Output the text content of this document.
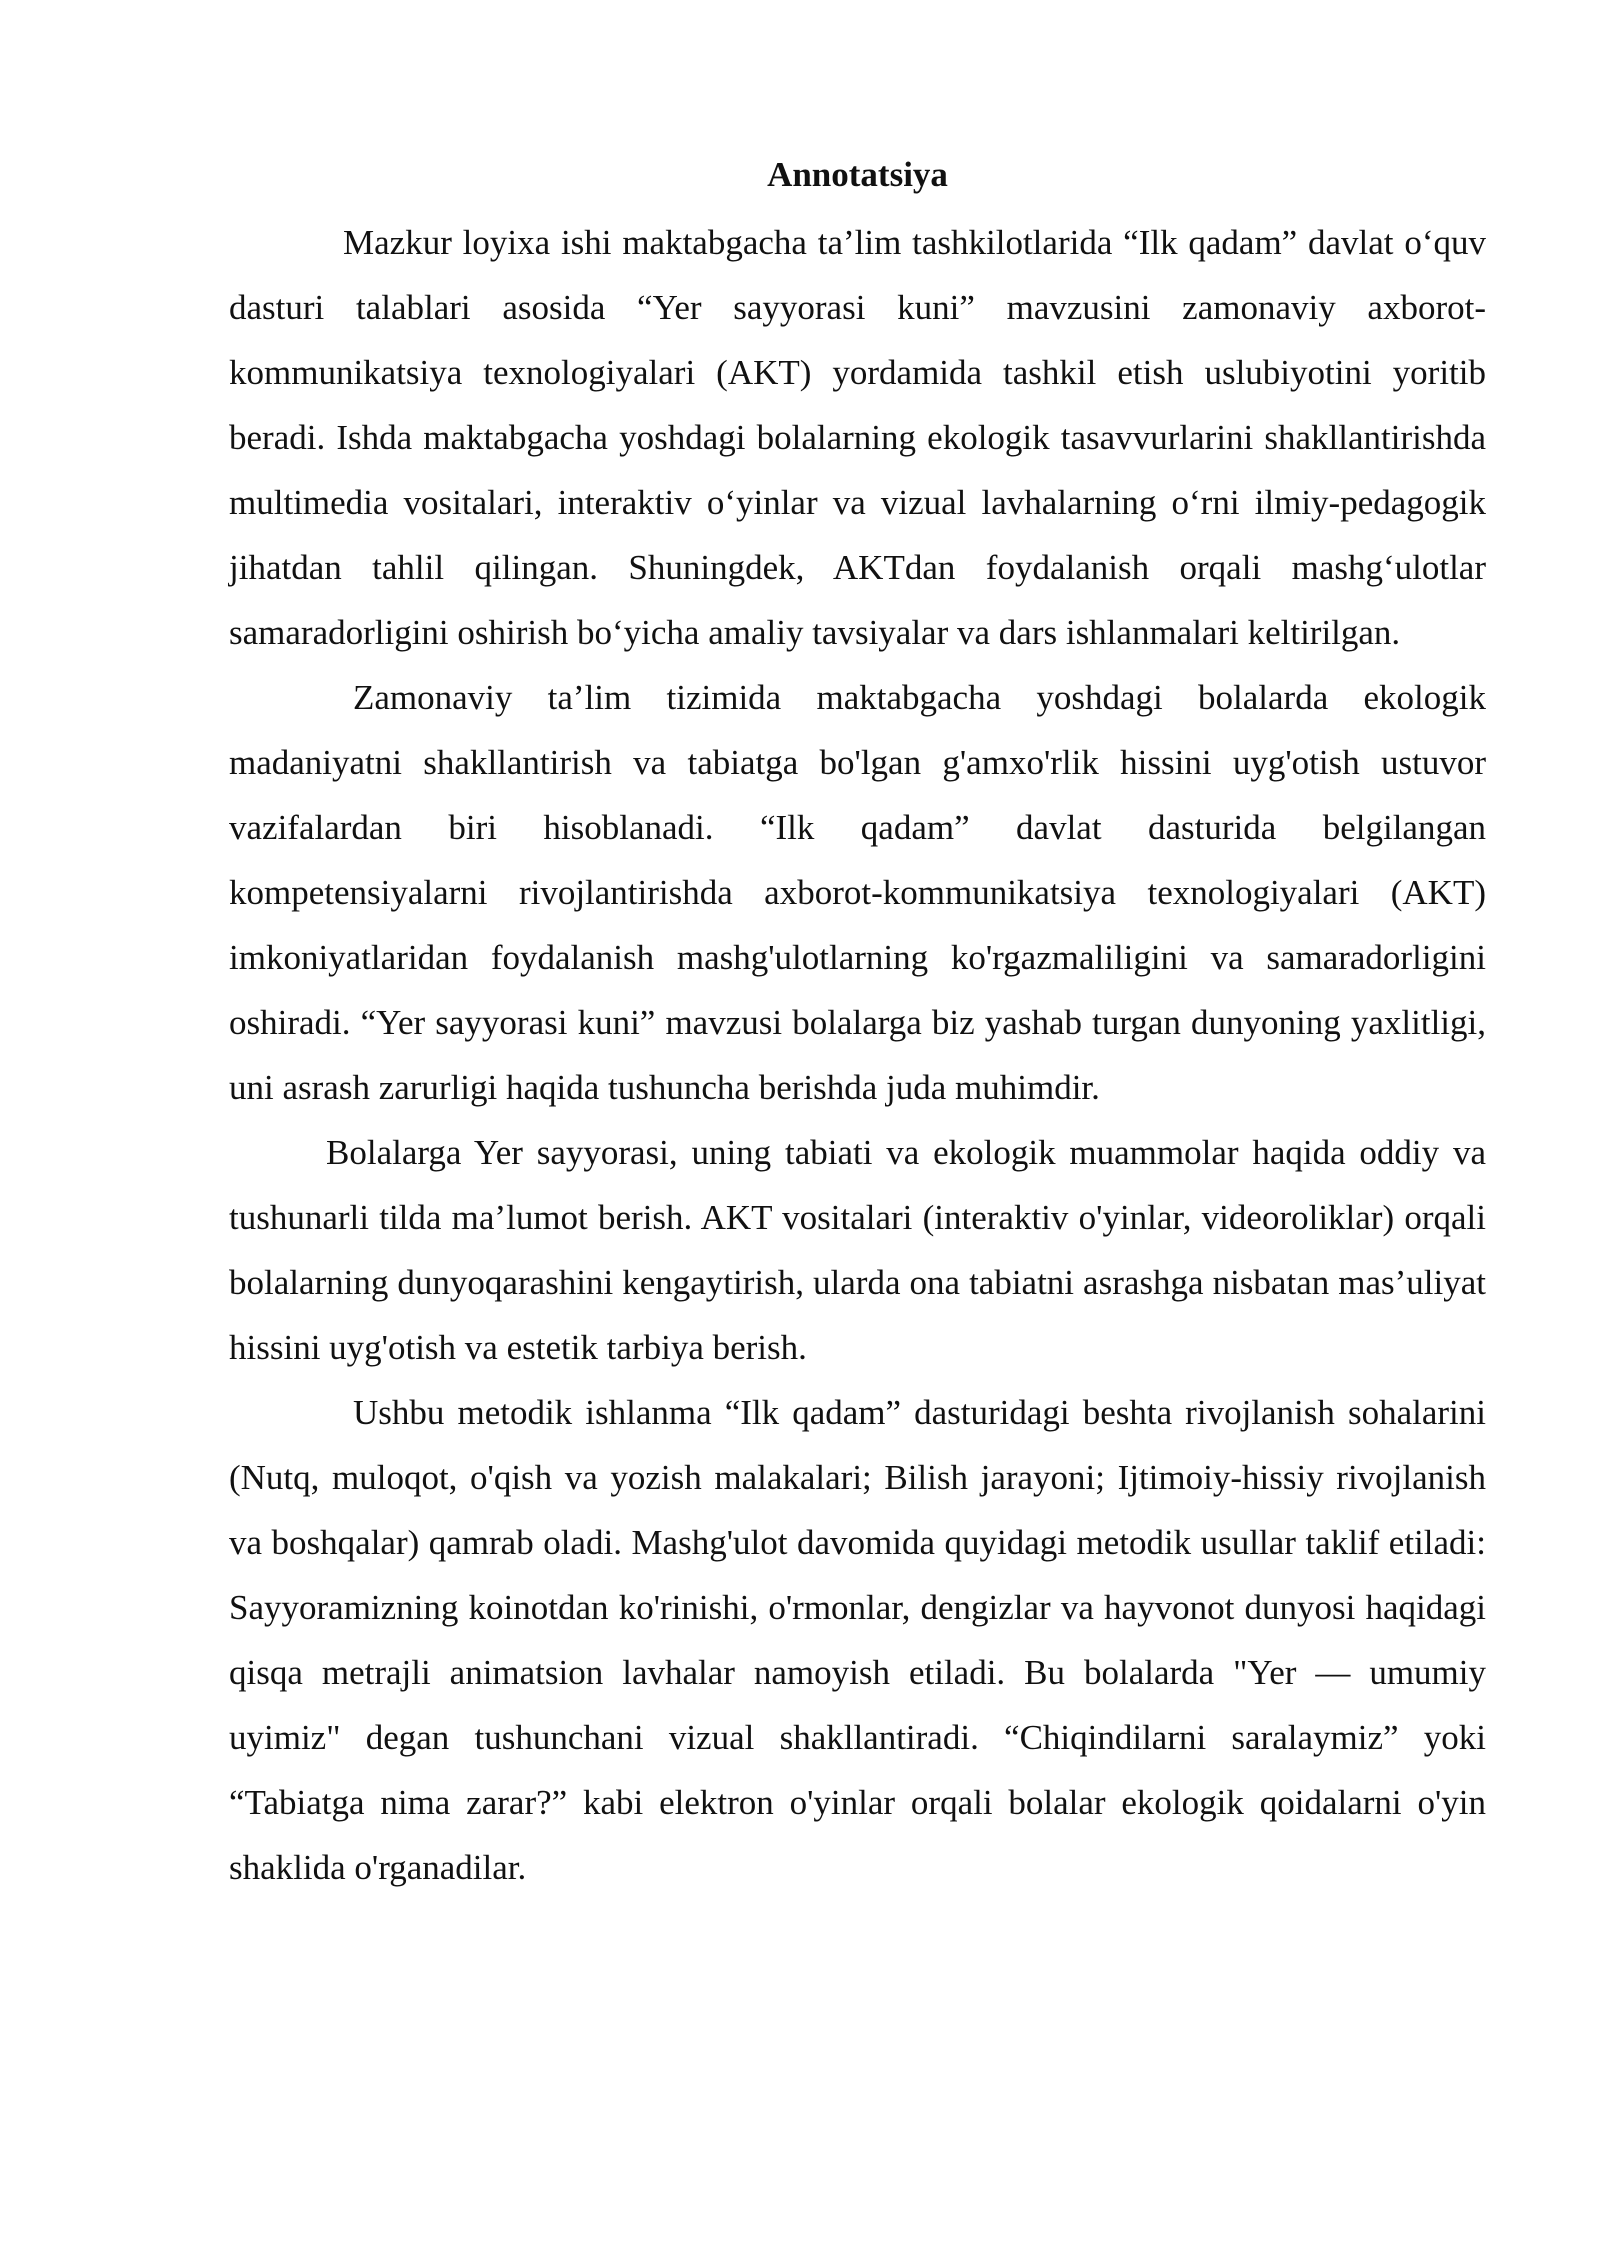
Annotatsiya

Mazkur loyixa ishi maktabgacha ta’lim tashkilotlarida “Ilk qadam” davlat o‘quv dasturi talablari asosida “Yer sayyorasi kuni” mavzusini zamonaviy axborot-kommunikatsiya texnologiyalari (AKT) yordamida tashkil etish uslubiyotini yoritib beradi. Ishda maktabgacha yoshdagi bolalarning ekologik tasavvurlarini shakllantirishda multimedia vositalari, interaktiv o‘yinlar va vizual lavhalarning o‘rni ilmiy-pedagogik jihatdan tahlil qilingan. Shuningdek, AKTdan foydalanish orqali mashg‘ulotlar samaradorligini oshirish bo‘yicha amaliy tavsiyalar va dars ishlanmalari keltirilgan.

Zamonaviy ta’lim tizimida maktabgacha yoshdagi bolalarda ekologik madaniyatni shakllantirish va tabiatga bo'lgan g'amxo'rlik hissini uyg'otish ustuvor vazifalardan biri hisoblanadi. “Ilk qadam” davlat dasturida belgilangan kompetensiyalarni rivojlantirishda axborot-kommunikatsiya texnologiyalari (AKT) imkoniyatlaridan foydalanish mashg'ulotlarning ko'rgazmaliligini va samaradorligini oshiradi. “Yer sayyorasi kuni” mavzusi bolalarga biz yashab turgan dunyoning yaxlitligi, uni asrash zarurligi haqida tushuncha berishda juda muhimdir.

Bolalarga Yer sayyorasi, uning tabiati va ekologik muammolar haqida oddiy va tushunarli tilda ma’lumot berish. AKT vositalari (interaktiv o'yinlar, videoroliklar) orqali bolalarning dunyoqarashini kengaytirish, ularda ona tabiatni asrashga nisbatan mas’uliyat hissini uyg'otish va estetik tarbiya berish.

Ushbu metodik ishlanma “Ilk qadam” dasturidagi beshta rivojlanish sohalarini (Nutq, muloqot, o'qish va yozish malakalari; Bilish jarayoni; Ijtimoiy-hissiy rivojlanish va boshqalar) qamrab oladi. Mashg'ulot davomida quyidagi metodik usullar taklif etiladi: Sayyoramizning koinotdan ko'rinishi, o'rmonlar, dengizlar va hayvonot dunyosi haqidagi qisqa metrajli animatsion lavhalar namoyish etiladi. Bu bolalarda "Yer — umumiy uyimiz" degan tushunchani vizual shakllantiradi. “Chiqindilarni saralaymiz” yoki “Tabiatga nima zarar?” kabi elektron o'yinlar orqali bolalar ekologik qoidalarni o'yin shaklida o'rganadilar.
